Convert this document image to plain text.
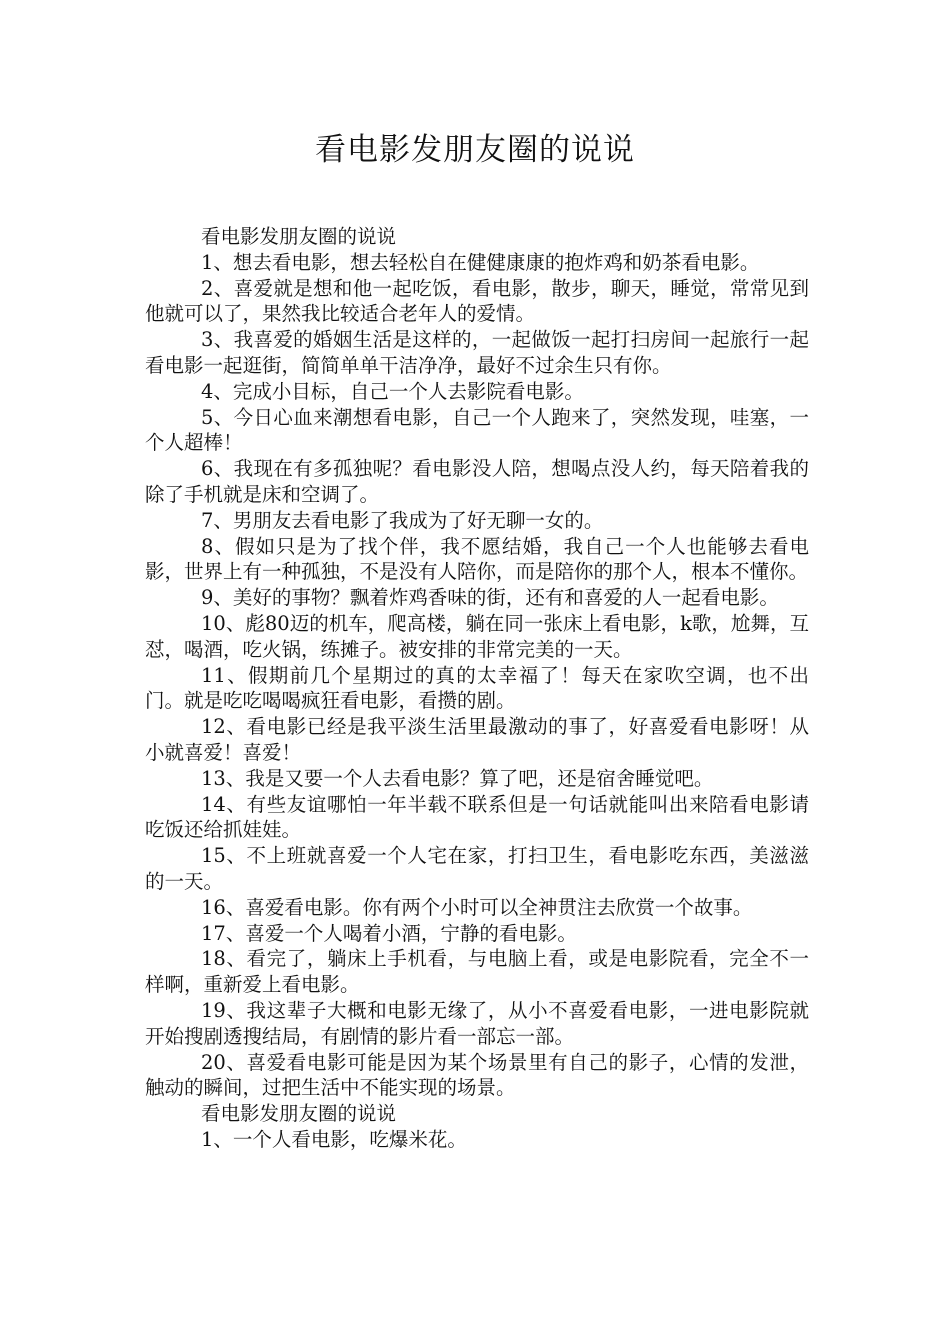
看电影发朋友圈的说说

看电影发朋友圈的说说

1、想去看电影，想去轻松自在健健康康的抱炸鸡和奶茶看电影。

2、喜爱就是想和他一起吃饭，看电影，散步，聊天，睡觉，常常见到他就可以了，果然我比较适合老年人的爱情。

3、我喜爱的婚姻生活是这样的，一起做饭一起打扫房间一起旅行一起看电影一起逛街，简简单单干洁净净，最好不过余生只有你。

4、完成小目标，自己一个人去影院看电影。

5、今日心血来潮想看电影，自己一个人跑来了，突然发现，哇塞，一个人超棒！

6、我现在有多孤独呢？看电影没人陪，想喝点没人约，每天陪着我的除了手机就是床和空调了。

7、男朋友去看电影了我成为了好无聊一女的。

8、假如只是为了找个伴，我不愿结婚，我自己一个人也能够去看电影，世界上有一种孤独，不是没有人陪你，而是陪你的那个人，根本不懂你。

9、美好的事物？飘着炸鸡香味的街，还有和喜爱的人一起看电影。

10、彪80迈的机车，爬高楼，躺在同一张床上看电影，k歌，尬舞，互怼，喝酒，吃火锅，练摊子。被安排的非常完美的一天。

11、假期前几个星期过的真的太幸福了！每天在家吹空调，也不出门。就是吃吃喝喝疯狂看电影，看攒的剧。

12、看电影已经是我平淡生活里最激动的事了，好喜爱看电影呀！从小就喜爱！喜爱！

13、我是又要一个人去看电影？算了吧，还是宿舍睡觉吧。

14、有些友谊哪怕一年半载不联系但是一句话就能叫出来陪看电影请吃饭还给抓娃娃。

15、不上班就喜爱一个人宅在家，打扫卫生，看电影吃东西，美滋滋的一天。

16、喜爱看电影。你有两个小时可以全神贯注去欣赏一个故事。

17、喜爱一个人喝着小酒，宁静的看电影。

18、看完了，躺床上手机看，与电脑上看，或是电影院看，完全不一样啊，重新爱上看电影。

19、我这辈子大概和电影无缘了，从小不喜爱看电影，一进电影院就开始搜剧透搜结局，有剧情的影片看一部忘一部。

20、喜爱看电影可能是因为某个场景里有自己的影子，心情的发泄，触动的瞬间，过把生活中不能实现的场景。

看电影发朋友圈的说说

1、一个人看电影，吃爆米花。
